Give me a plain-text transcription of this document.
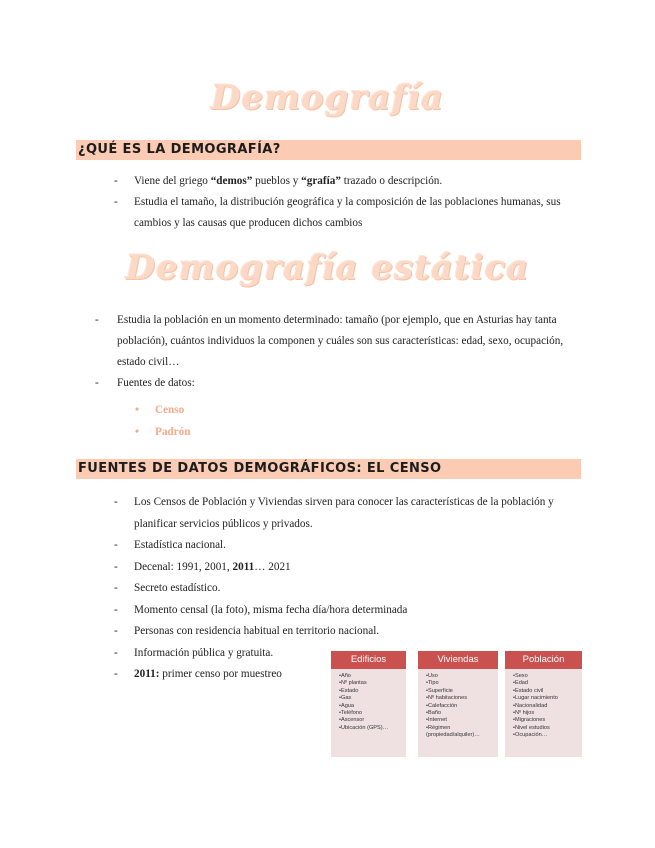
Demografía
¿QUÉ ES LA DEMOGRAFÍA?
- Viene del griego “demos” pueblos y “grafía” trazado o descripción.
- Estudia el tamaño, la distribución geográfica y la composición de las poblaciones humanas, sus cambios y las causas que producen dichos cambios
Demografía estática
- Estudia la población en un momento determinado: tamaño (por ejemplo, que en Asturias hay tanta población), cuántos individuos la componen y cuáles son sus características: edad, sexo, ocupación, estado civil…
- Fuentes de datos:
• Censo
• Padrón
FUENTES DE DATOS DEMOGRÁFICOS: EL CENSO
- Los Censos de Población y Viviendas sirven para conocer las características de la población y planificar servicios públicos y privados.
- Estadística nacional.
- Decenal: 1991, 2001, 2011… 2021
- Secreto estadístico.
- Momento censal (la foto), misma fecha día/hora determinada
- Personas con residencia habitual en territorio nacional.
- Información pública y gratuita.
- 2011: primer censo por muestreo
Edificios
• Año
• Nº plantas
• Estado
• Gas
• Agua
• Teléfono
• Ascensor
• Ubicación (GPS)…
Viviendas
• Uso
• Tipo
• Superficie
• Nº habitaciones
• Calefacción
• Baño
• Internet
• Régimen (propiedad/alquiler)…
Población
• Sexo
• Edad
• Estado civil
• Lugar nacimiento
• Nacionalidad
• Nº hijos
• Migraciones
• Nivel estudios
• Ocupación…
